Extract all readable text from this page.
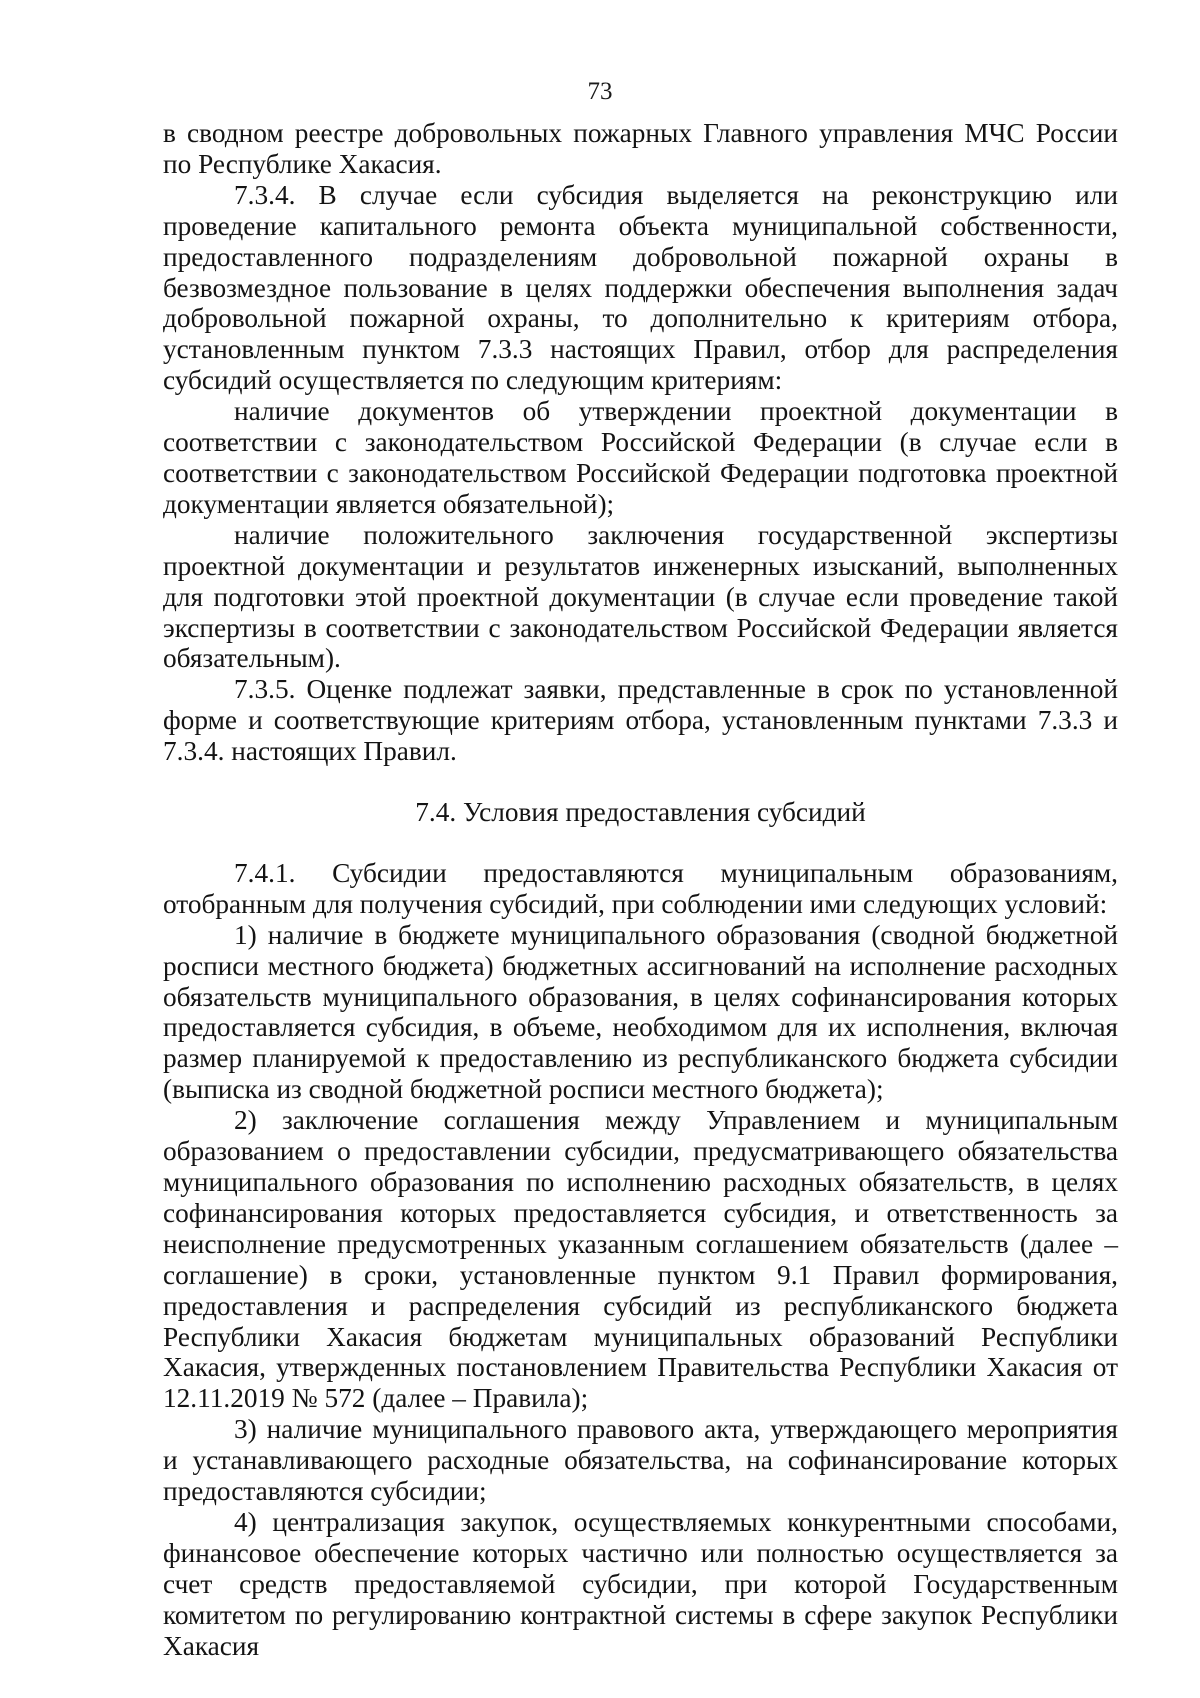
73

в сводном реестре добровольных пожарных Главного управления МЧС России по Республике Хакасия.

7.3.4. В случае если субсидия выделяется на реконструкцию или проведение капитального ремонта объекта муниципальной собственности, предоставленного подразделениям добровольной пожарной охраны в безвозмездное пользование в целях поддержки обеспечения выполнения задач добровольной пожарной охраны, то дополнительно к критериям отбора, установленным пунктом 7.3.3 настоящих Правил, отбор для распределения субсидий осуществляется по следующим критериям:

наличие документов об утверждении проектной документации в соответствии с законодательством Российской Федерации (в случае если в соответствии с законодательством Российской Федерации подготовка проектной документации является обязательной);

наличие положительного заключения государственной экспертизы проектной документации и результатов инженерных изысканий, выполненных для подготовки этой проектной документации (в случае если проведение такой экспертизы в соответствии с законодательством Российской Федерации является обязательным).

7.3.5. Оценке подлежат заявки, представленные в срок по установленной форме и соответствующие критериям отбора, установленным пунктами 7.3.3 и 7.3.4. настоящих Правил.

7.4. Условия предоставления субсидий

7.4.1. Субсидии предоставляются муниципальным образованиям, отобранным для получения субсидий, при соблюдении ими следующих условий:

1) наличие в бюджете муниципального образования (сводной бюджетной росписи местного бюджета) бюджетных ассигнований на исполнение расходных обязательств муниципального образования, в целях софинансирования которых предоставляется субсидия, в объеме, необходимом для их исполнения, включая размер планируемой к предоставлению из республиканского бюджета субсидии (выписка из сводной бюджетной росписи местного бюджета);

2) заключение соглашения между Управлением и муниципальным образованием о предоставлении субсидии, предусматривающего обязательства муниципального образования по исполнению расходных обязательств, в целях софинансирования которых предоставляется субсидия, и ответственность за неисполнение предусмотренных указанным соглашением обязательств (далее – соглашение) в сроки, установленные пунктом 9.1 Правил формирования, предоставления и распределения субсидий из республиканского бюджета Республики Хакасия бюджетам муниципальных образований Республики Хакасия, утвержденных постановлением Правительства Республики Хакасия от 12.11.2019 № 572 (далее – Правила);

3) наличие муниципального правового акта, утверждающего мероприятия и устанавливающего расходные обязательства, на софинансирование которых предоставляются субсидии;

4) централизация закупок, осуществляемых конкурентными способами, финансовое обеспечение которых частично или полностью осуществляется за счет средств предоставляемой субсидии, при которой Государственным комитетом по регулированию контрактной системы в сфере закупок Республики Хакасия
